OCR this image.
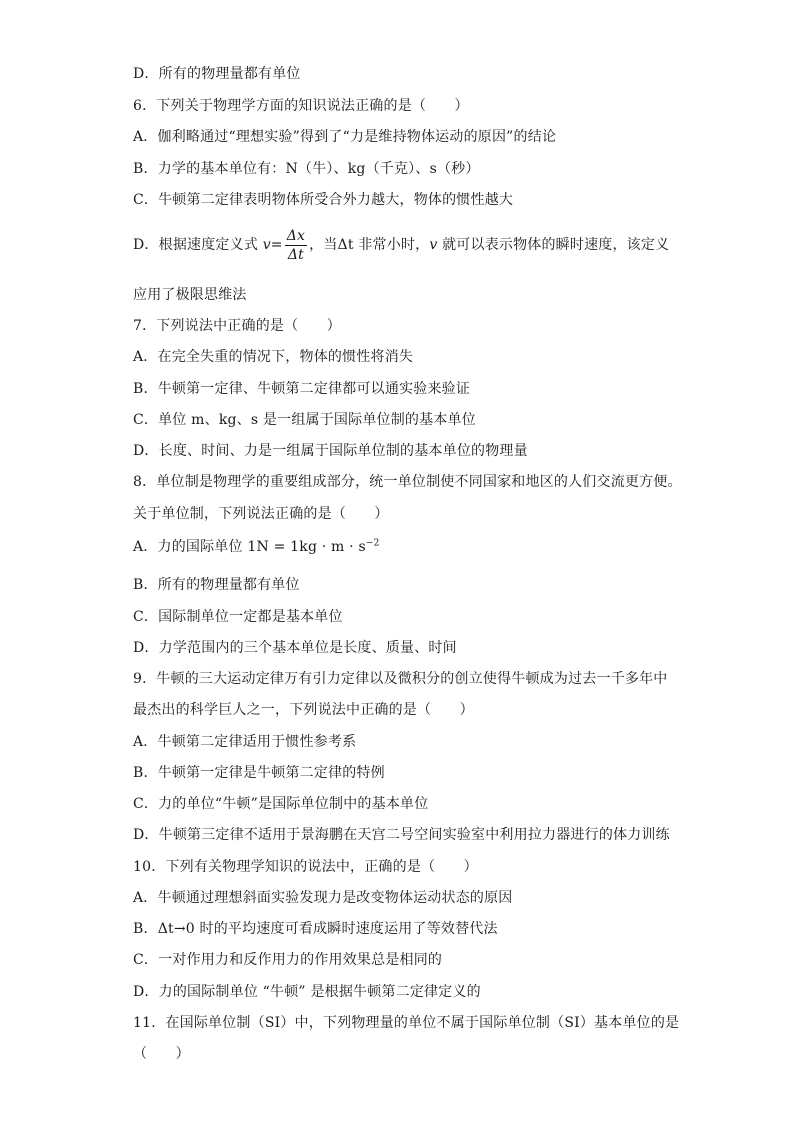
D．所有的物理量都有单位
6．下列关于物理学方面的知识说法正确的是（　　）
A．伽利略通过“理想实验”得到了“力是维持物体运动的原因”的结论
B．力学的基本单位有：N（牛）、kg（千克）、s（秒）
C．牛顿第二定律表明物体所受合外力越大，物体的惯性越大
D．根据速度定义式 $v= \frac{\Delta x}{\Delta t}$ ，当Δt 非常小时，v 就可以表示物体的瞬时速度，该定义
应用了极限思维法
7．下列说法中正确的是（　　）
A．在完全失重的情况下，物体的惯性将消失
B．牛顿第一定律、牛顿第二定律都可以通实验来验证
C．单位 m、kg、s 是一组属于国际单位制的基本单位
D．长度、时间、力是一组属于国际单位制的基本单位的物理量
8．单位制是物理学的重要组成部分，统一单位制使不同国家和地区的人们交流更方便。
关于单位制，下列说法正确的是（　　）
A．力的国际单位 $1N = 1kg \cdot m \cdot s^{-2}$
B．所有的物理量都有单位
C．国际制单位一定都是基本单位
D．力学范围内的三个基本单位是长度、质量、时间
9．牛顿的三大运动定律万有引力定律以及微积分的创立使得牛顿成为过去一千多年中
最杰出的科学巨人之一，下列说法中正确的是（　　）
A．牛顿第二定律适用于惯性参考系
B．牛顿第一定律是牛顿第二定律的特例
C．力的单位“牛顿”是国际单位制中的基本单位
D．牛顿第三定律不适用于景海鹏在天宫二号空间实验室中利用拉力器进行的体力训练
10．下列有关物理学知识的说法中，正确的是（　　）
A．牛顿通过理想斜面实验发现力是改变物体运动状态的原因
B．Δt→0 时的平均速度可看成瞬时速度运用了等效替代法
C．一对作用力和反作用力的作用效果总是相同的
D．力的国际制单位 “牛顿” 是根据牛顿第二定律定义的
11．在国际单位制（SI）中，下列物理量的单位不属于国际单位制（SI）基本单位的是
（　　）
